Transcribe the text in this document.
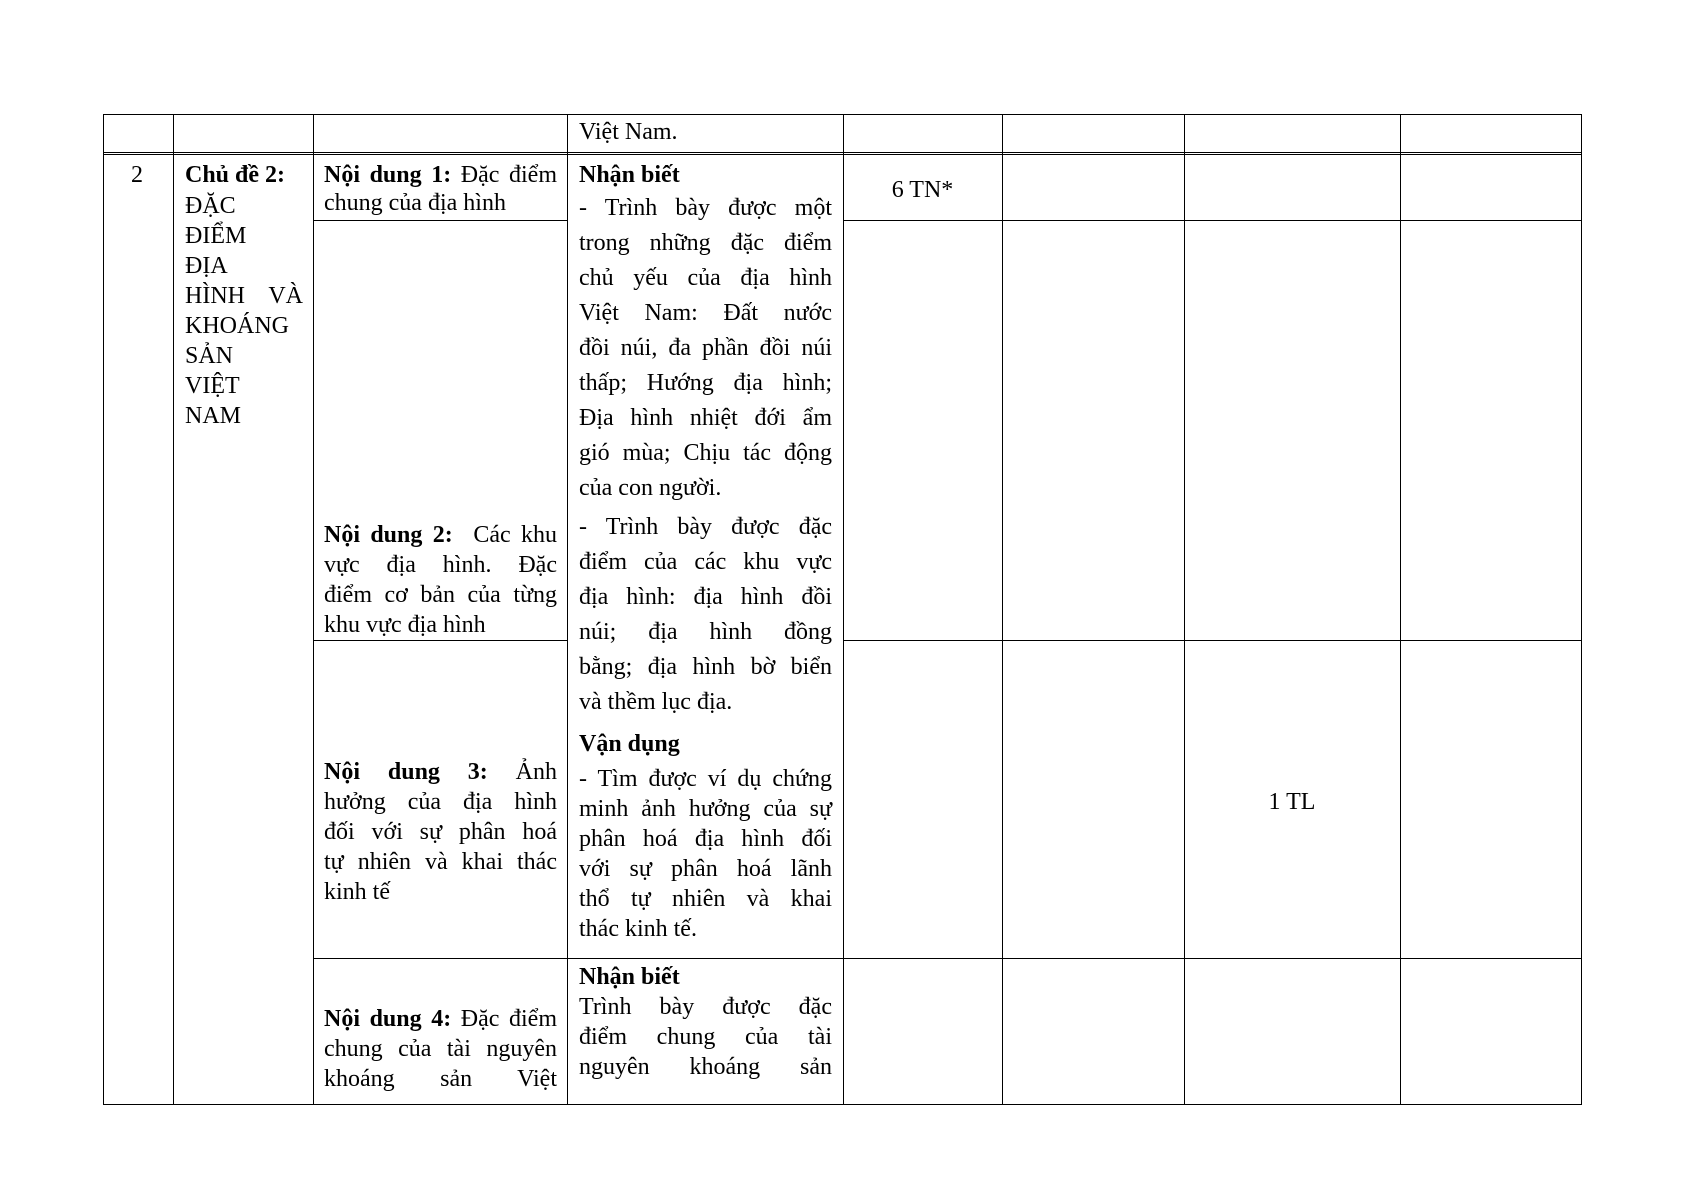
Việt Nam.
2 Chủ đề 2:
ĐẶC
ĐIỂM
ĐỊA
HÌNH VÀ
KHOÁNG
SẢN
VIỆT
NAM
Nội dung 1: Đặc điểm
chung của địa hình
Nội dung 2: Các khu
vực địa hình. Đặc
điểm cơ bản của từng
khu vực địa hình
Nội dung 3: Ảnh
hưởng của địa hình
đối với sự phân hoá
tự nhiên và khai thác
kinh tế
Nội dung 4: Đặc điểm
chung của tài nguyên
khoáng sản Việt
Nhận biết
- Trình bày được một
trong những đặc điểm
chủ yếu của địa hình
Việt Nam: Đất nước
đồi núi, đa phần đồi núi
thấp; Hướng địa hình;
Địa hình nhiệt đới ẩm
gió mùa; Chịu tác động
của con người.
- Trình bày được đặc
điểm của các khu vực
địa hình: địa hình đồi
núi; địa hình đồng
bằng; địa hình bờ biển
và thềm lục địa.
Vận dụng
- Tìm được ví dụ chứng
minh ảnh hưởng của sự
phân hoá địa hình đối
với sự phân hoá lãnh
thổ tự nhiên và khai
thác kinh tế.
Nhận biết
Trình bày được đặc
điểm chung của tài
nguyên khoáng sản
6 TN*
1 TL
